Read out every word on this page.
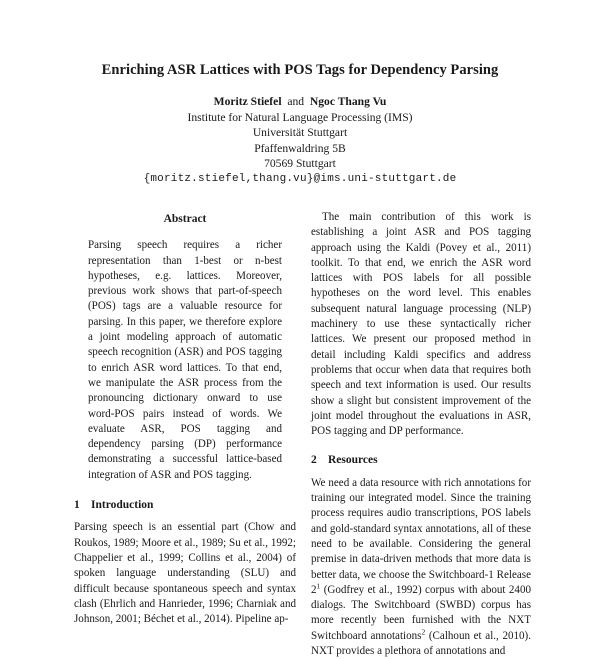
Enriching ASR Lattices with POS Tags for Dependency Parsing
Moritz Stiefel and Ngoc Thang Vu
Institute for Natural Language Processing (IMS)
Universität Stuttgart
Pfaffenwaldring 5B
70569 Stuttgart
{moritz.stiefel,thang.vu}@ims.uni-stuttgart.de
Abstract

Parsing speech requires a richer representation than 1-best or n-best hypotheses, e.g. lattices. Moreover, previous work shows that part-of-speech (POS) tags are a valuable resource for parsing. In this paper, we therefore explore a joint modeling approach of automatic speech recognition (ASR) and POS tagging to enrich ASR word lattices. To that end, we manipulate the ASR process from the pronouncing dictionary onward to use word-POS pairs instead of words. We evaluate ASR, POS tagging and dependency parsing (DP) performance demonstrating a successful lattice-based integration of ASR and POS tagging.

1 Introduction

Parsing speech is an essential part (Chow and Roukos, 1989; Moore et al., 1989; Su et al., 1992; Chappelier et al., 1999; Collins et al., 2004) of spoken language understanding (SLU) and difficult because spontaneous speech and syntax clash (Ehrlich and Hanrieder, 1996; Charniak and Johnson, 2001; Béchet et al., 2014). Pipeline ap-

The main contribution of this work is establishing a joint ASR and POS tagging approach using the Kaldi (Povey et al., 2011) toolkit. To that end, we enrich the ASR word lattices with POS labels for all possible hypotheses on the word level. This enables subsequent natural language processing (NLP) machinery to use these syntactically richer lattices. We present our proposed method in detail including Kaldi specifics and address problems that occur when data that requires both speech and text information is used. Our results show a slight but consistent improvement of the joint model throughout the evaluations in ASR, POS tagging and DP performance.

2 Resources

We need a data resource with rich annotations for training our integrated model. Since the training process requires audio transcriptions, POS labels and gold-standard syntax annotations, all of these need to be available. Considering the general premise in data-driven methods that more data is better data, we choose the Switchboard-1 Release $2^1$ (Godfrey et al., 1992) corpus with about 2400 dialogs. The Switchboard (SWBD) corpus has more recently been furnished with the NXT Switchboard annotations$^2$ (Calhoun et al., 2010). NXT provides a plethora of annotations and
